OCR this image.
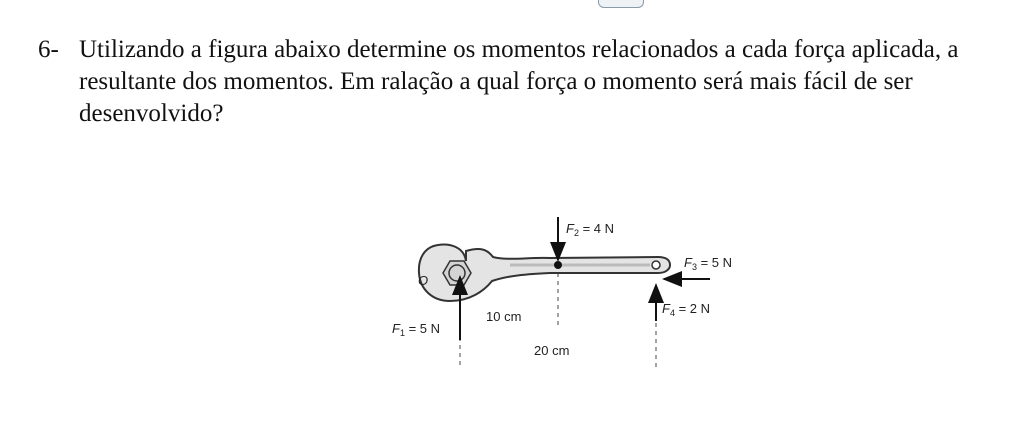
6- Utilizando a figura abaixo determine os momentos relacionados a cada força aplicada, a resultante dos momentos. Em ralação a qual força o momento será mais fácil de ser desenvolvido?
O
$F_1 = 5$ N
$F_2 = 4$ N
$F_3 = 5$ N
$F_4 = 2$ N
10 cm
20 cm
